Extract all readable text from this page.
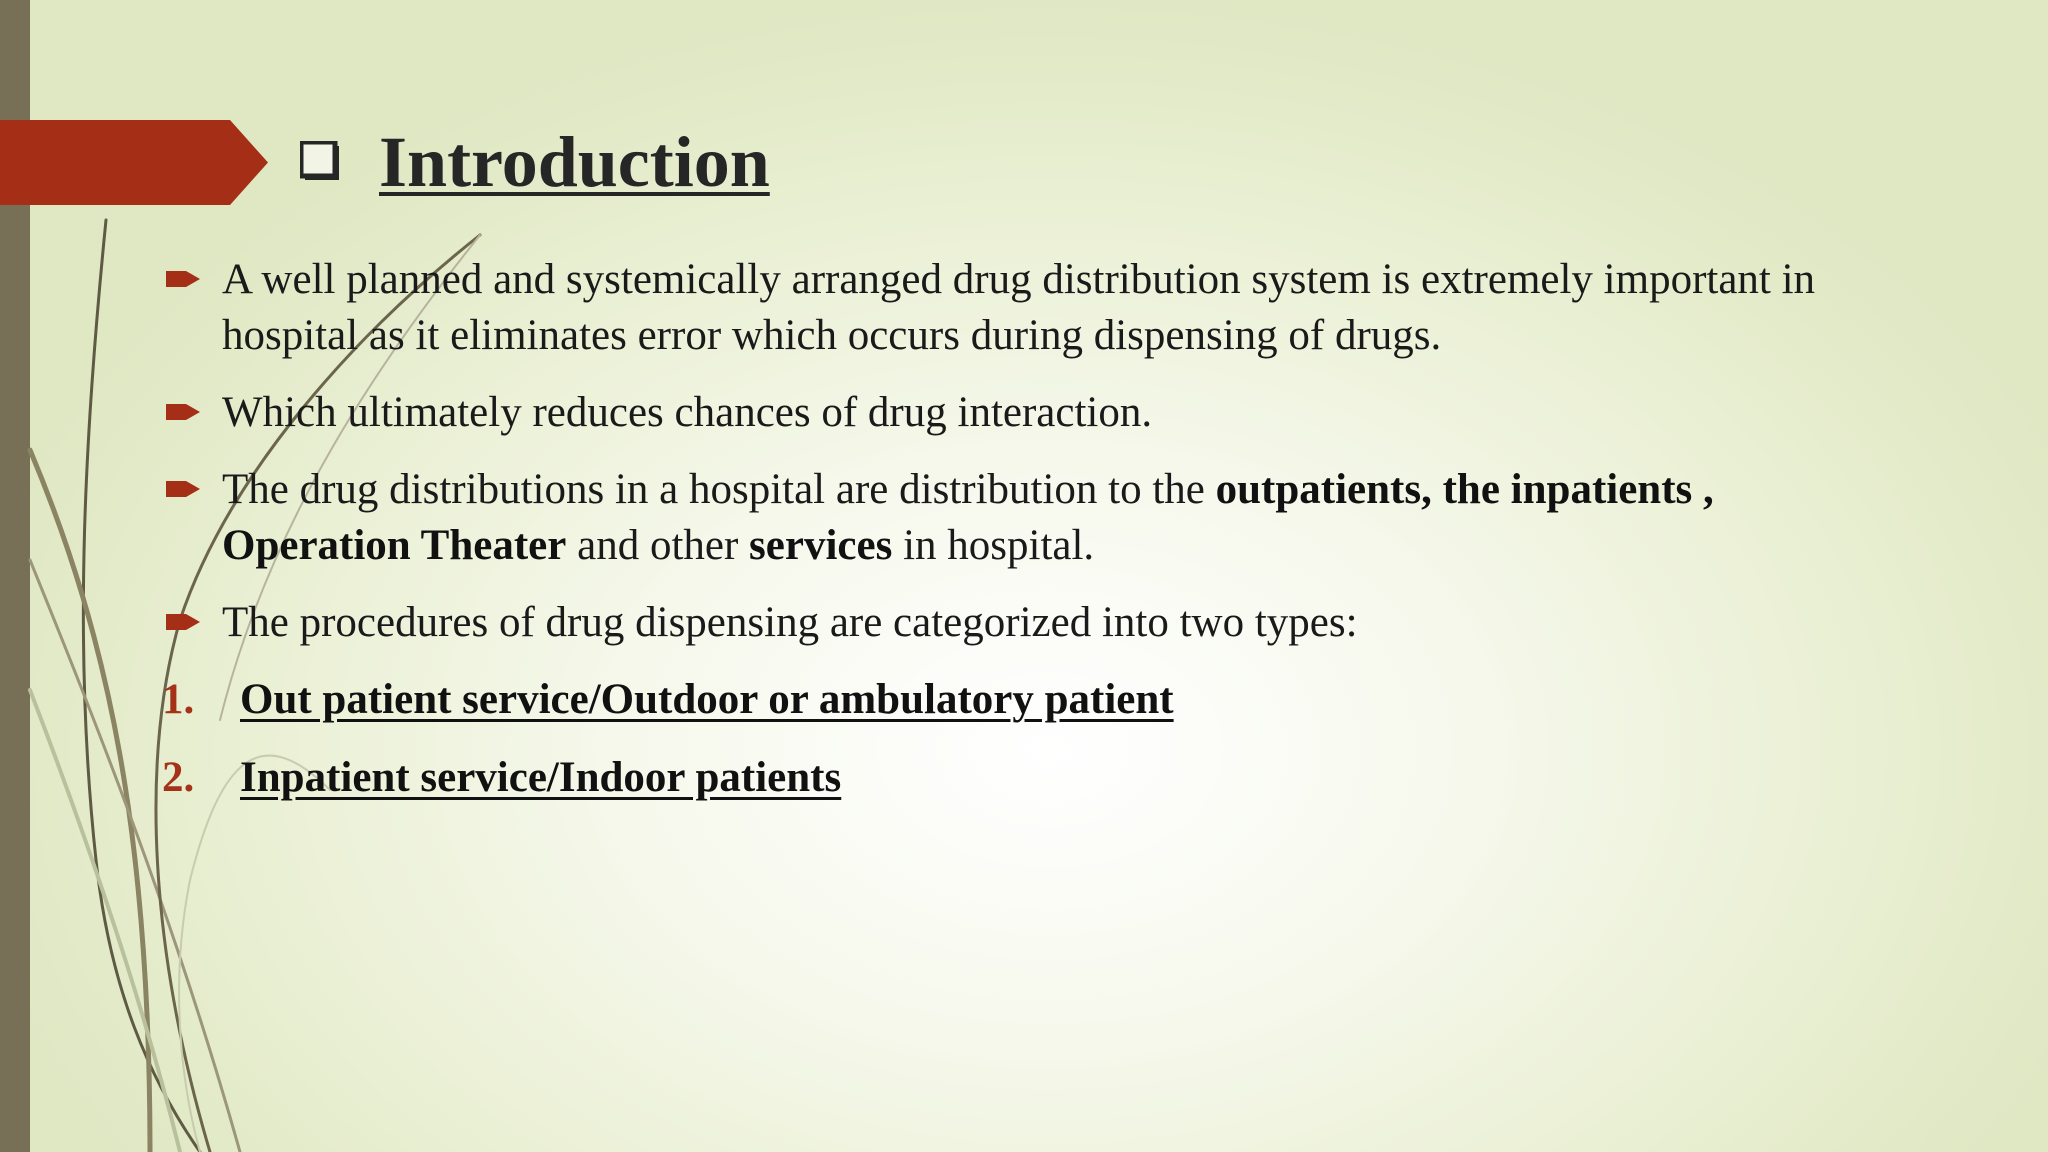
Introduction
A well planned and systemically arranged drug distribution system is extremely important in hospital as it eliminates error which occurs during dispensing of drugs.
Which ultimately reduces chances of drug interaction.
The drug distributions in a hospital are distribution to the outpatients, the inpatients , Operation Theater and other services in hospital.
The procedures of drug dispensing are categorized into two types:
1. Out patient service/Outdoor or ambulatory patient
2. Inpatient service/Indoor patients
